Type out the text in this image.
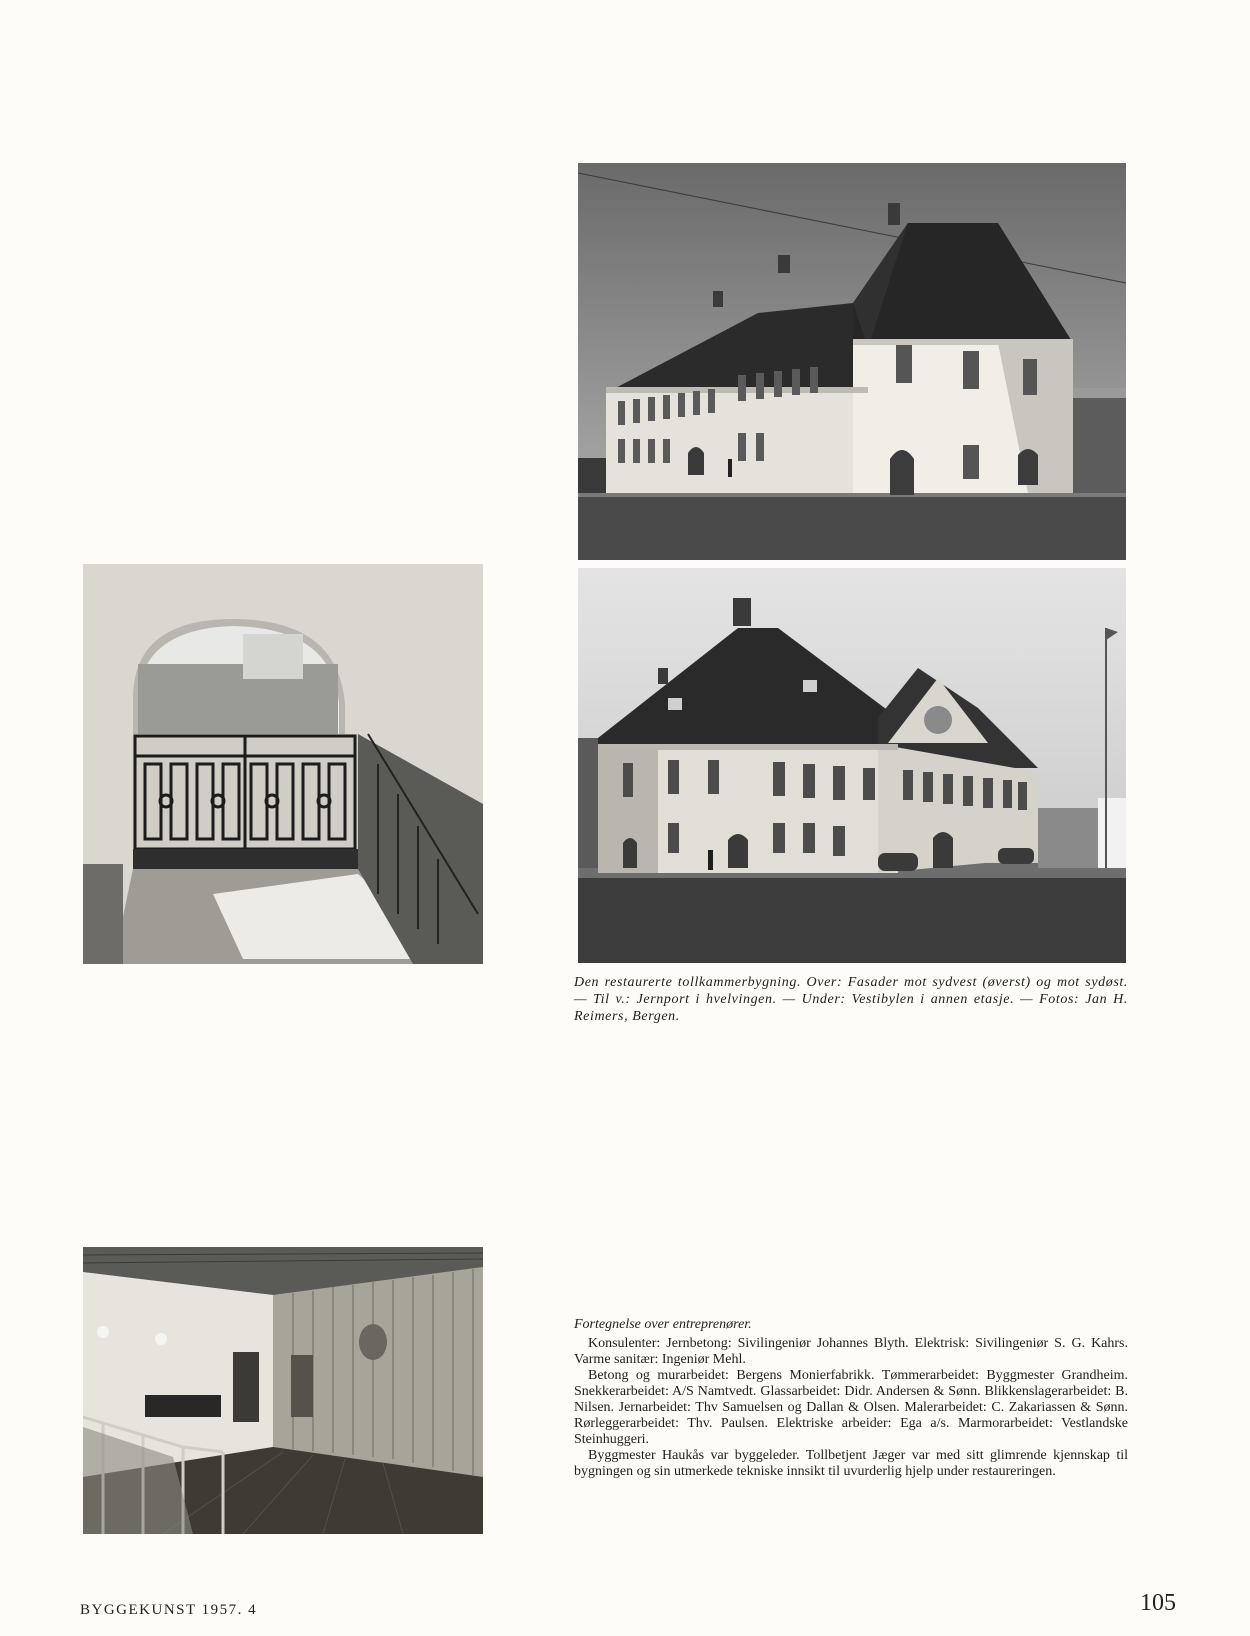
Den restaurerte tollkammerbygning. Over: Fasader mot sydvest (øverst) og mot sydøst. — Til v.: Jernport i hvelvingen. — Under: Vestibylen i annen etasje. — Fotos: Jan H. Reimers, Bergen.
Fortegnelse over entreprenører.

Konsulenter: Jernbetong: Sivilingeniør Johannes Blyth. Elektrisk: Sivilingeniør S. G. Kahrs. Varme sanitær: Ingeniør Mehl.

Betong og murarbeidet: Bergens Monierfabrikk. Tømmerarbeidet: Byggmester Grandheim. Snekkerarbeidet: A/S Namtvedt. Glassarbeidet: Didr. Andersen & Sønn. Blikkenslagerarbeidet: B. Nilsen. Jernarbeidet: Thv Samuelsen og Dallan & Olsen. Malerarbeidet: C. Zakariassen & Sønn. Rørleggerarbeidet: Thv. Paulsen. Elektriske arbeider: Ega a/s. Marmorarbeidet: Vestlandske Steinhuggeri.

Byggmester Haukås var byggeleder. Tollbetjent Jæger var med sitt glimrende kjennskap til bygningen og sin utmerkede tekniske innsikt til uvurderlig hjelp under restaureringen.

BYGGEKUNST 1957. 4	105
